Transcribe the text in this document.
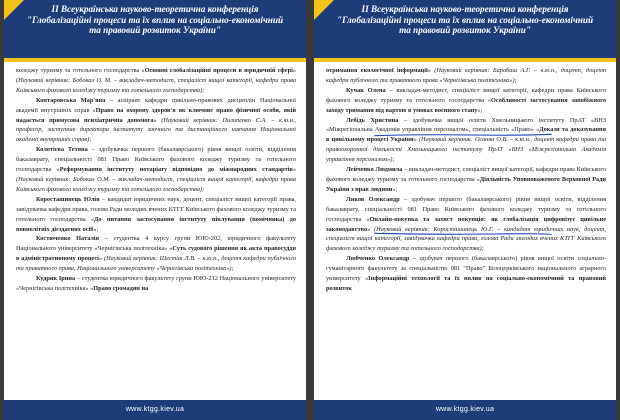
II Всеукраїнська науково-теоретична конференція
"Глобалізаційні процеси та їх вплив на соціально-економічний
та правовий розвиток України"

коледжу туризму та готельного господарства «Основні глобалізаційні процеси в юридичній сфері» (Науковий керівник: Бобокал О. М. – викладач-методист, спеціаліст вищої категорії, кафедри права Київського фахового коледжу туризму та готельного господарства);

Контаровська Мар'яна – аспірант кафедри цивільно-правових дисциплін Національної академії внутрішніх справ «Право на охорону здоров'я як ключове право фізичної особи, якій надається примусова психіатрична допомога» (Науковий керівник: Пилипенко С.А. – к.ю.н., професор, заступник директора інституту заочного та дистанційного навчання Національної академії внутрішніх справ);

Колотієва Тетяна – здобувачка першого (бакалаврського) рівня вищої освіти, відділення бакалаврату, спеціальності 081 Право Київського фахового коледжу туризму та готельного господарства «Реформування інституту нотаріату відповідно до міжнародних стандартів» (Науковий керівник: Бобокал О.М. – викладач-методист, спеціаліст вищої категорії, кафедри права Київського фахового коледжу туризму та готельного господарства);

Коросташинець Юлія – кандидат юридичних наук, доцент, спеціаліст вищої категорії права, завідувачка кафедри права, голова Ради молодих вчених КТГГ Київського фахового коледжу туризму та готельного господарства «До питання застосування інституту піклування (помічника) до повнолітніх дієздатних осіб»;

Костюченко Наталія – студентка 4 курсу групи ЮЮ-202, юридичного факультету Національного університету «Чернігівська політехніка» «Суть судового рішення як акта правосуддя в адміністративному процесі» (Науковий керівник: Шестак Л.В. – к.ю.н., доцент кафедри публічного та приватного права, Національного університету «Чернігівська політехніка»);

Кудрик Ірина – студентка юридичного факультету групи ЮЮ-212 Національного університету «Чернігівська політехніка» «Право громадян на

www.ktgg.kiev.ua
II Всеукраїнська науково-теоретична конференція
"Глобалізаційні процеси та їх вплив на соціально-економічний
та правовий розвиток України"

отримання екологічної інформації» (Науковий керівник: Барабаш А.Г. – к.ю.н., доцент, доцент кафедри публічного та приватного права «Чернігівська політехніка»);

Кучак Олена – викладач-методист, спеціаліст вищої категорії, кафедри права Київського фахового коледжу туризму та готельного господарства «Особливості застосування запобіжного заходу тримання під вартою в умовах воєнного стану»;

Лебідь Христина – здобувачка вищої освіти Хмельницького інституту ПрАТ «ВНЗ «Міжрегіональна Академія управління персоналом», спеціальність «Право» «Докази та доказування в цивільному процесі України» (Науковий керівник: Оганян О.В. – к.ю.н., доцент кафедри права та правоохоронної діяльності Хмельницького інституту ПрАТ «ВНЗ «Міжрегіональна Академія управління персоналом»);

Лейченко Людмила – викладач-методист, спеціаліст вищої категорії, кафедри права Київського фахового коледжу туризму та готельного господарства «Діяльність Уповноваженого Верховної Ради України з прав людини»;

Ликов Олександр – здобувач першого (бакалаврського) рівня вищої освіти, відділення бакалаврату, спеціальності 081 Право Київського фахового коледжу туризму та готельного господарства «Онлайн-покупка та захист покупців: як глобалізація цифровізує цивільне законодавство» (Науковий керівник: Коросташинець Ю.Г. – кандидат юридичних наук, доцент, спеціаліст вищої категорії, завідувачка кафедри права, голова Ради молодих вчених КТГГ Київського фахового коледжу туризму та готельного господарства);

Любченко Олександр – здобувач першого (бакалаврського) рівня вищої освіти соціально-гуманітарного факультету за спеціальністю 081 "Право" Білоцерківського національного аграрного університету «Інформаційні технології та їх вплив на соціально-економічний та правовий розвиток

www.ktgg.kiev.ua
